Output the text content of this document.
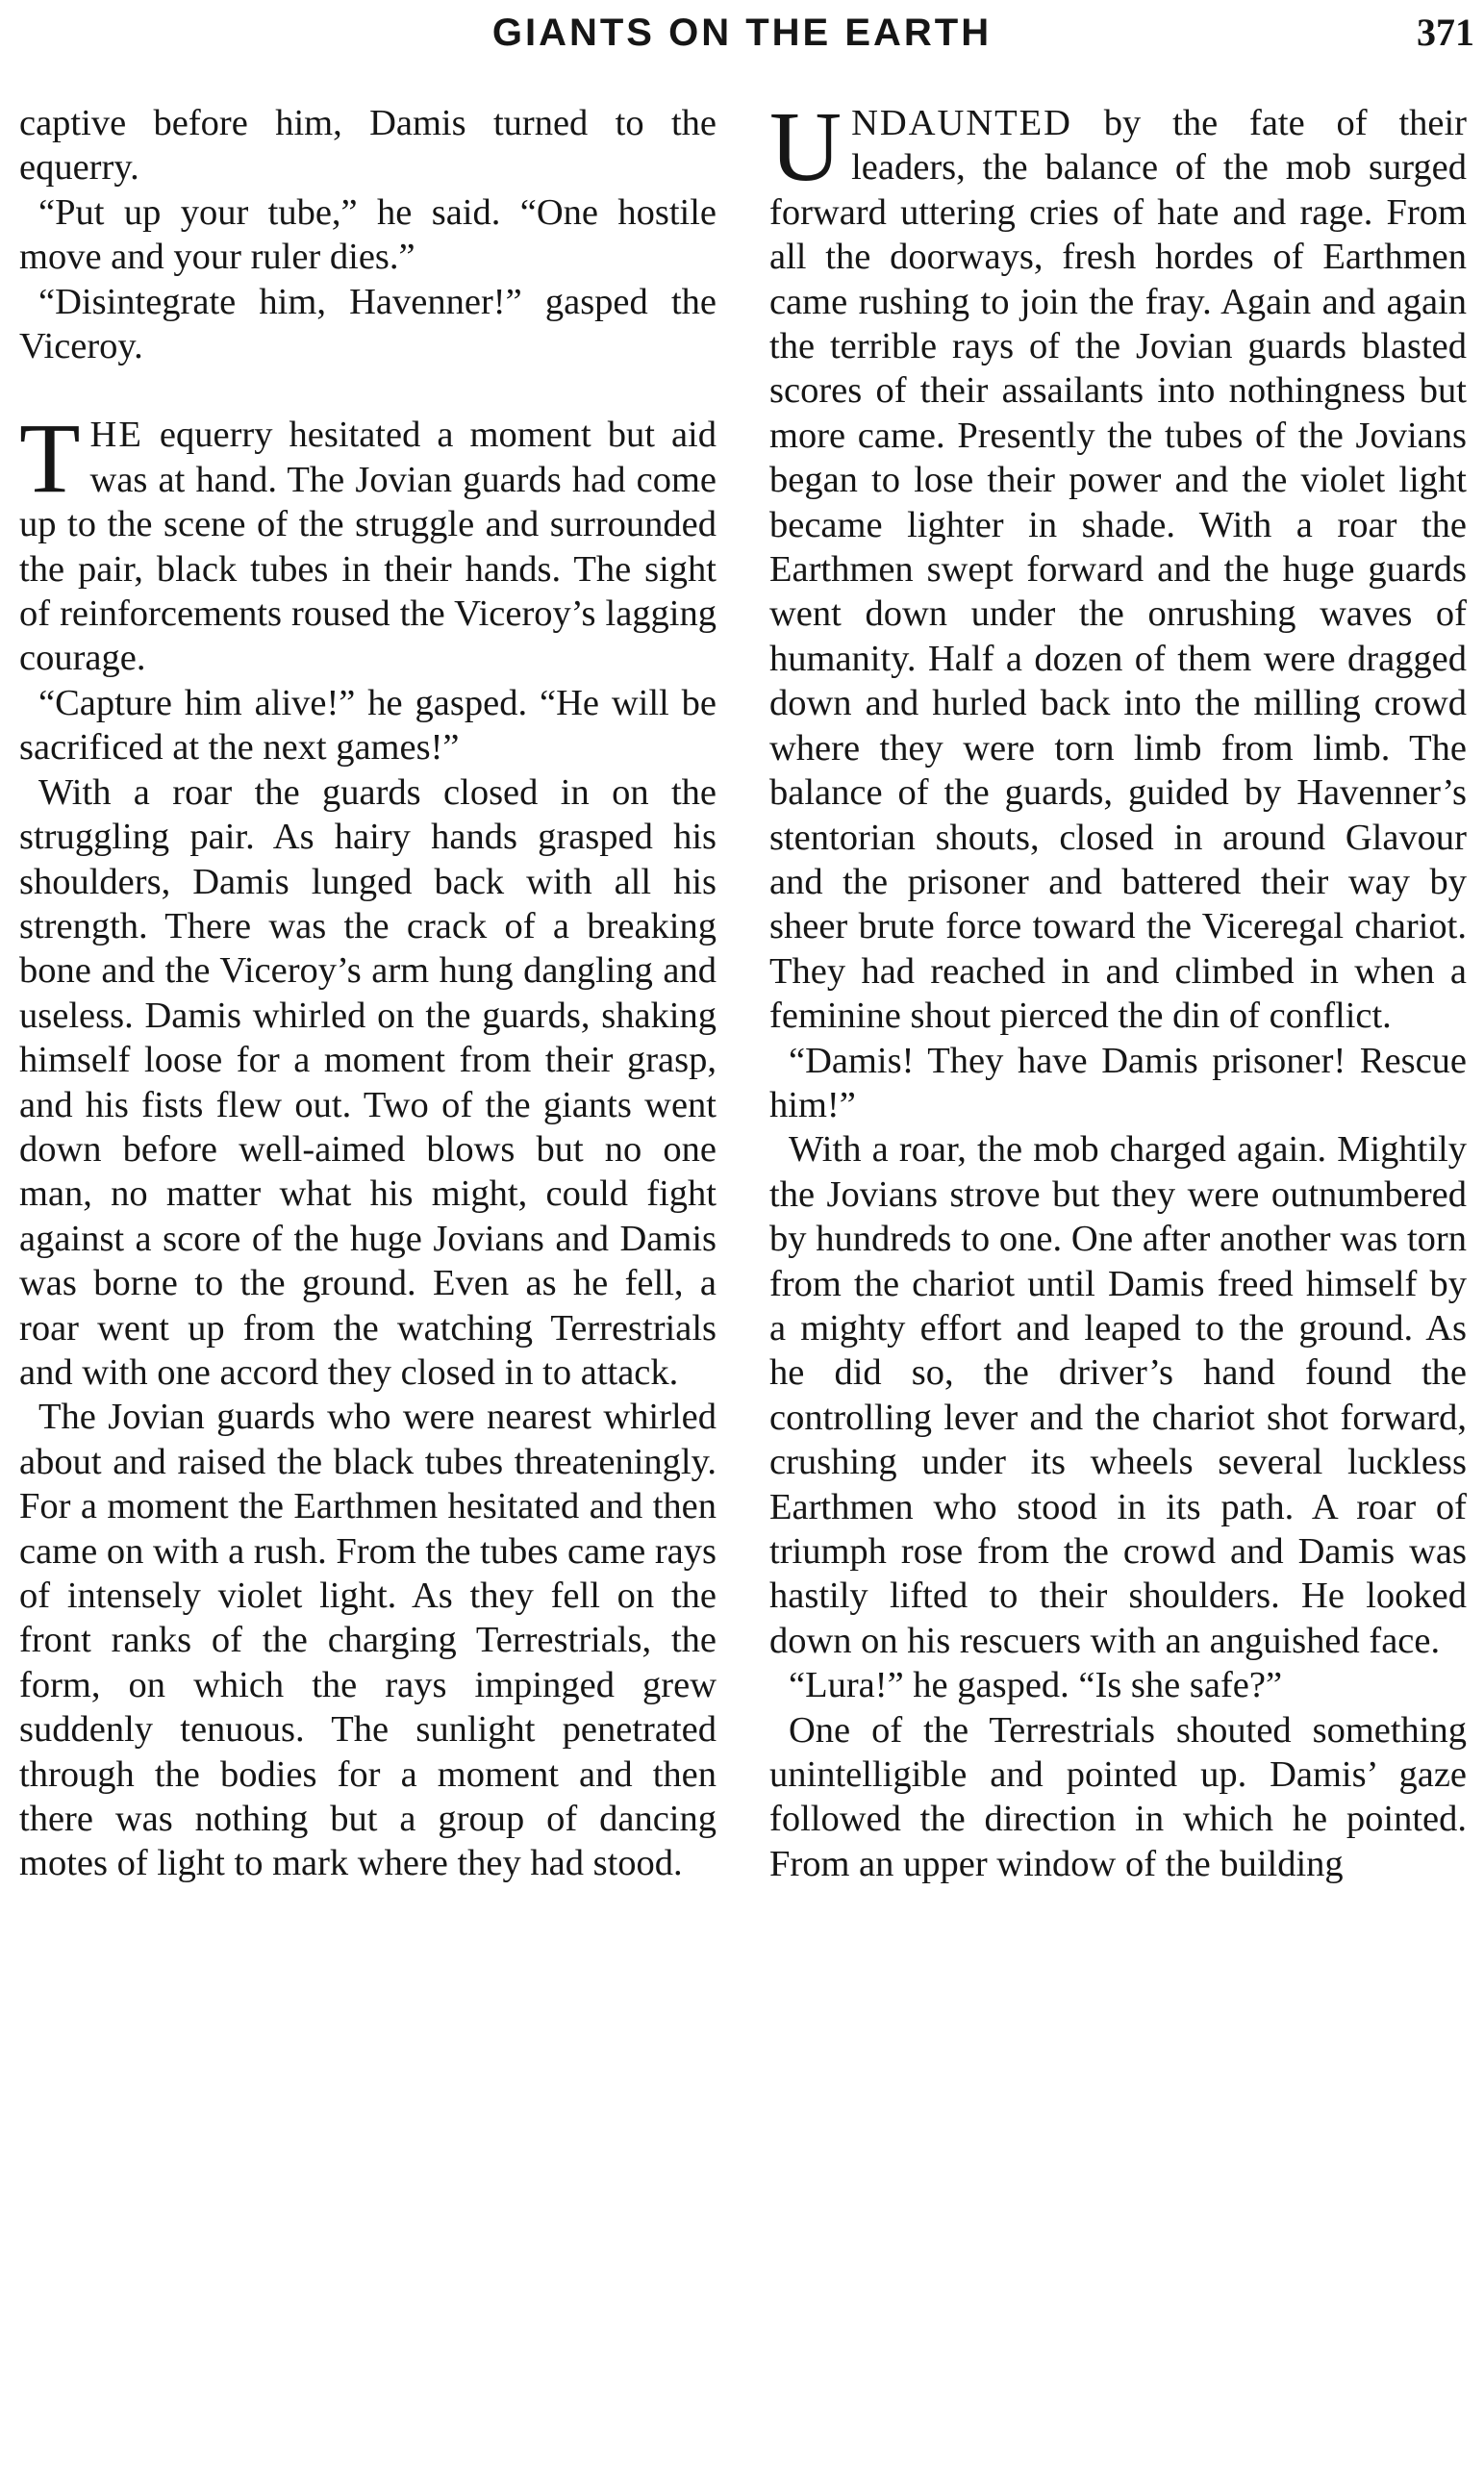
GIANTS ON THE EARTH	371

captive before him, Damis turned to the equerry.

“Put up your tube,” he said. “One hostile move and your ruler dies.”

“Disintegrate him, Havenner!” gasped the Viceroy.

THE equerry hesitated a moment but aid was at hand. The Jovian guards had come up to the scene of the struggle and surrounded the pair, black tubes in their hands. The sight of reinforcements roused the Viceroy’s lagging courage.

“Capture him alive!” he gasped. “He will be sacrificed at the next games!”

With a roar the guards closed in on the struggling pair. As hairy hands grasped his shoulders, Damis lunged back with all his strength. There was the crack of a breaking bone and the Viceroy’s arm hung dangling and useless. Damis whirled on the guards, shaking himself loose for a moment from their grasp, and his fists flew out. Two of the giants went down before well-aimed blows but no one man, no matter what his might, could fight against a score of the huge Jovians and Damis was borne to the ground. Even as he fell, a roar went up from the watching Terrestrials and with one accord they closed in to attack.

The Jovian guards who were nearest whirled about and raised the black tubes threateningly. For a moment the Earthmen hesitated and then came on with a rush. From the tubes came rays of intensely violet light. As they fell on the front ranks of the charging Terrestrials, the form, on which the rays impinged grew suddenly tenuous. The sunlight penetrated through the bodies for a moment and then there was nothing but a group of dancing motes of light to mark where they had stood.

UNDAUNTED by the fate of their leaders, the balance of the mob surged forward uttering cries of hate and rage. From all the doorways, fresh hordes of Earthmen came rushing to join the fray. Again and again the terrible rays of the Jovian guards blasted scores of their assailants into nothingness but more came. Presently the tubes of the Jovians began to lose their power and the violet light became lighter in shade. With a roar the Earthmen swept forward and the huge guards went down under the onrushing waves of humanity. Half a dozen of them were dragged down and hurled back into the milling crowd where they were torn limb from limb. The balance of the guards, guided by Havenner’s stentorian shouts, closed in around Glavour and the prisoner and battered their way by sheer brute force toward the Viceregal chariot. They had reached in and climbed in when a feminine shout pierced the din of conflict.

“Damis! They have Damis prisoner! Rescue him!”

With a roar, the mob charged again. Mightily the Jovians strove but they were outnumbered by hundreds to one. One after another was torn from the chariot until Damis freed himself by a mighty effort and leaped to the ground. As he did so, the driver’s hand found the controlling lever and the chariot shot forward, crushing under its wheels several luckless Earthmen who stood in its path. A roar of triumph rose from the crowd and Damis was hastily lifted to their shoulders. He looked down on his rescuers with an anguished face.

“Lura!” he gasped. “Is she safe?”

One of the Terrestrials shouted something unintelligible and pointed up. Damis’ gaze followed the direction in which he pointed. From an upper window of the building
